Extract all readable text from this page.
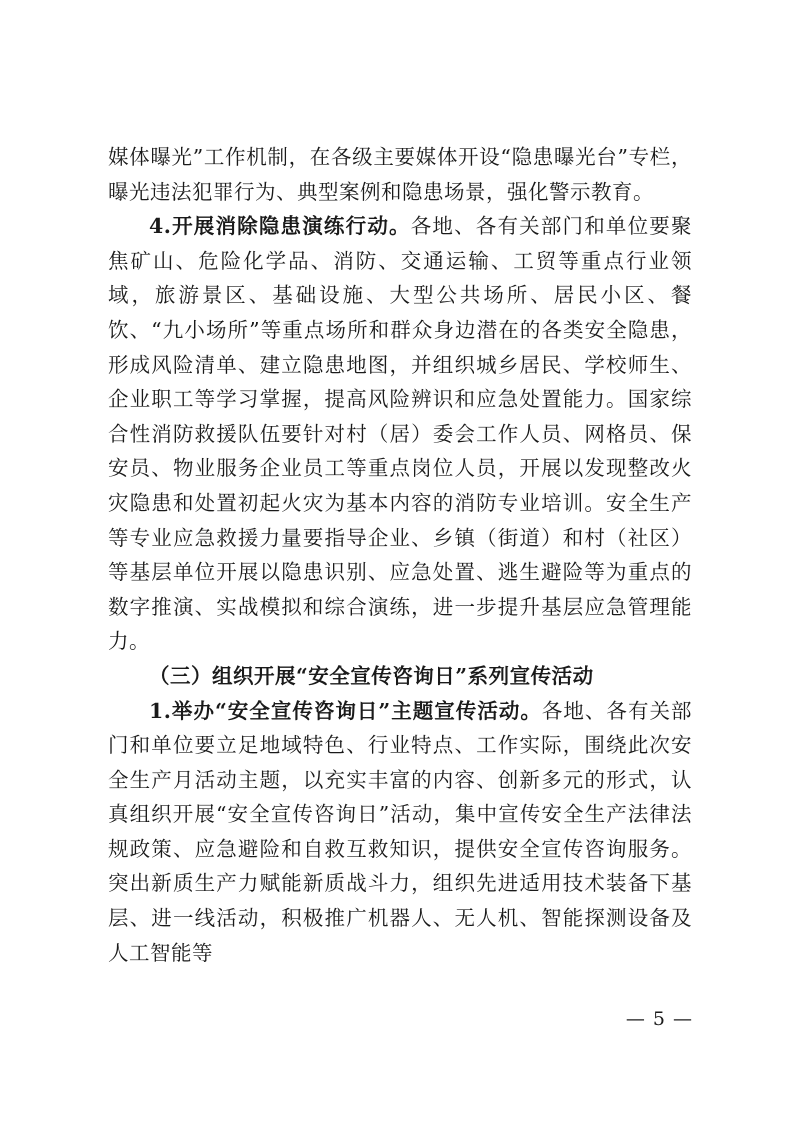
媒体曝光”工作机制，在各级主要媒体开设“隐患曝光台”专栏，曝光违法犯罪行为、典型案例和隐患场景，强化警示教育。

4.开展消除隐患演练行动。各地、各有关部门和单位要聚焦矿山、危险化学品、消防、交通运输、工贸等重点行业领域，旅游景区、基础设施、大型公共场所、居民小区、餐饮、“九小场所”等重点场所和群众身边潜在的各类安全隐患，形成风险清单、建立隐患地图，并组织城乡居民、学校师生、企业职工等学习掌握，提高风险辨识和应急处置能力。国家综合性消防救援队伍要针对村（居）委会工作人员、网格员、保安员、物业服务企业员工等重点岗位人员，开展以发现整改火灾隐患和处置初起火灾为基本内容的消防专业培训。安全生产等专业应急救援力量要指导企业、乡镇（街道）和村（社区）等基层单位开展以隐患识别、应急处置、逃生避险等为重点的数字推演、实战模拟和综合演练，进一步提升基层应急管理能力。

（三）组织开展“安全宣传咨询日”系列宣传活动

1.举办“安全宣传咨询日”主题宣传活动。各地、各有关部门和单位要立足地域特色、行业特点、工作实际，围绕此次安全生产月活动主题，以充实丰富的内容、创新多元的形式，认真组织开展“安全宣传咨询日”活动，集中宣传安全生产法律法规政策、应急避险和自救互救知识，提供安全宣传咨询服务。突出新质生产力赋能新质战斗力，组织先进适用技术装备下基层、进一线活动，积极推广机器人、无人机、智能探测设备及人工智能等

— 5 —
